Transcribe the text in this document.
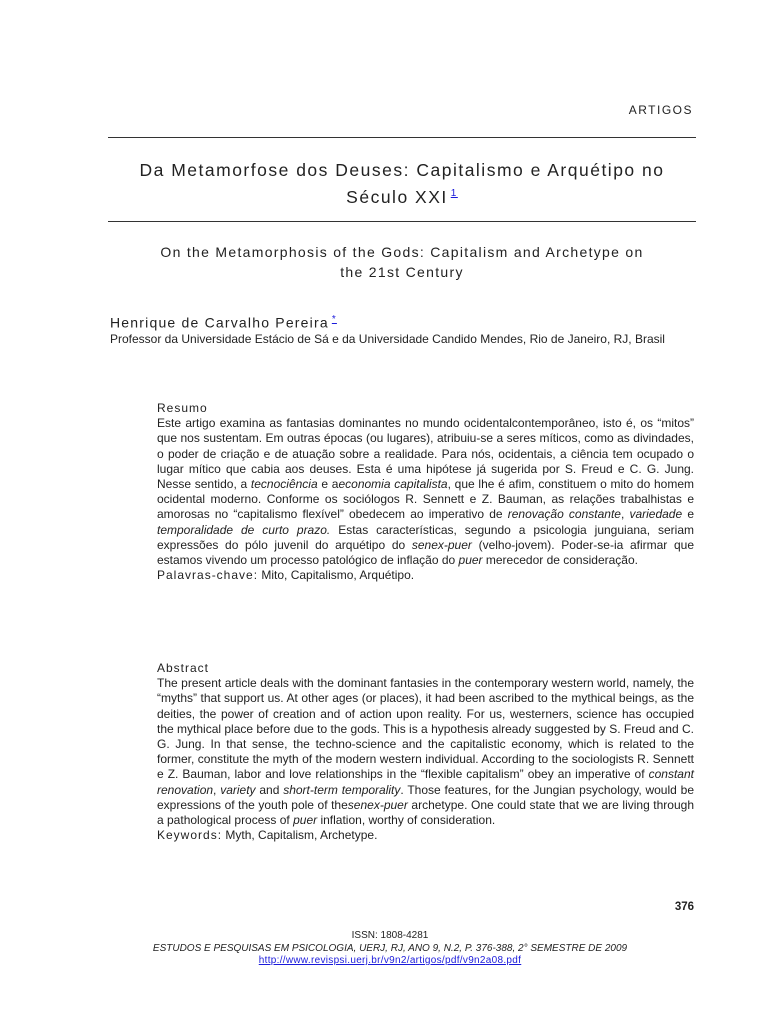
ARTIGOS
Da Metamorfose dos Deuses: Capitalismo e Arquétipo no
Século XXI $^1$
On the Metamorphosis of the Gods: Capitalism and Archetype on
the 21st Century
Henrique de Carvalho Pereira *
Professor da Universidade Estácio de Sá e da Universidade Candido Mendes, Rio de Janeiro, RJ, Brasil
Resumo
Este artigo examina as fantasias dominantes no mundo ocidentalcontemporâneo, isto é, os “mitos” que nos sustentam. Em outras épocas (ou lugares), atribuiu-se a seres míticos, como as divindades, o poder de criação e de atuação sobre a realidade. Para nós, ocidentais, a ciência tem ocupado o lugar mítico que cabia aos deuses. Esta é uma hipótese já sugerida por S. Freud e C. G. Jung. Nesse sentido, a tecnociência e aeconomia capitalista, que lhe é afim, constituem o mito do homem ocidental moderno. Conforme os sociólogos R. Sennett e Z. Bauman, as relações trabalhistas e amorosas no “capitalismo flexível” obedecem ao imperativo de renovação constante, variedade e temporalidade de curto prazo. Estas características, segundo a psicologia junguiana, seriam expressões do pólo juvenil do arquétipo do senex-puer (velho-jovem). Poder-se-ia afirmar que estamos vivendo um processo patológico de inflação do puer merecedor de consideração.
Palavras-chave: Mito, Capitalismo, Arquétipo.
Abstract
The present article deals with the dominant fantasies in the contemporary western world, namely, the “myths” that support us. At other ages (or places), it had been ascribed to the mythical beings, as the deities, the power of creation and of action upon reality. For us, westerners, science has occupied the mythical place before due to the gods. This is a hypothesis already suggested by S. Freud and C. G. Jung. In that sense, the techno-science and the capitalistic economy, which is related to the former, constitute the myth of the modern western individual. According to the sociologists R. Sennett e Z. Bauman, labor and love relationships in the “flexible capitalism” obey an imperative of constant renovation, variety and short-term temporality. Those features, for the Jungian psychology, would be expressions of the youth pole of thesenex-puer archetype. One could state that we are living through a pathological process of puer inflation, worthy of consideration.
Keywords: Myth, Capitalism, Archetype.
376
ISSN: 1808-4281
ESTUDOS E PESQUISAS EM PSICOLOGIA, UERJ, RJ, ANO 9, N.2, P. 376-388, 2° SEMESTRE DE 2009
http://www.revispsi.uerj.br/v9n2/artigos/pdf/v9n2a08.pdf
